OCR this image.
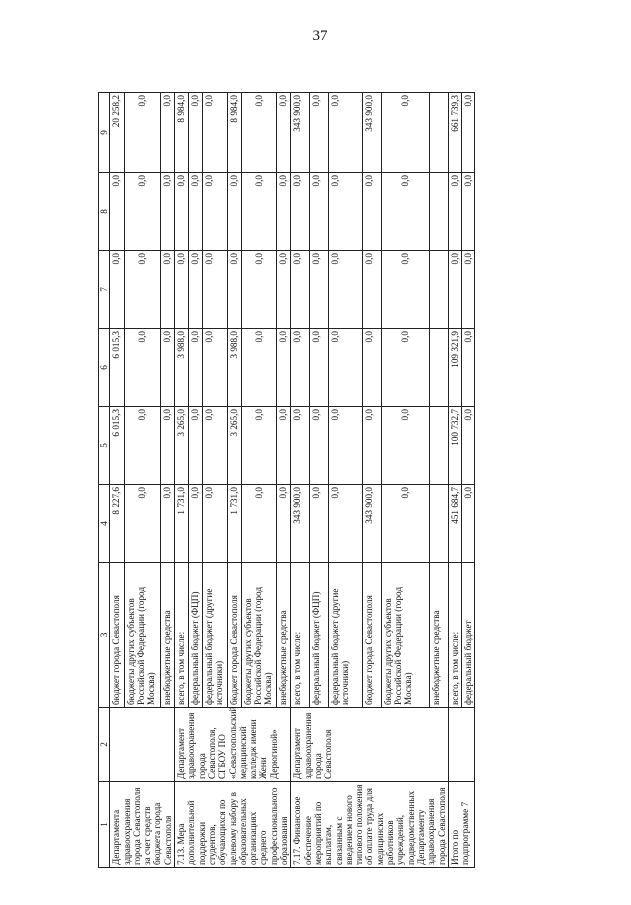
37
1	2	3	4	5	6	7	8	9
Департамента здравоохранения города Севастополя за счет средств бюджета города Севастополя		бюджет города Севастополя	8 227,6	6 015,3	6 015,3	0,0	0,0	20 258,2
		бюджеты других субъектов Российской Федерации (город Москва)	0,0	0,0	0,0	0,0	0,0	0,0
		внебюджетные средства	0,0	0,0	0,0	0,0	0,0	0,0
7.13. Мера дополнительной поддержки студентов, обучающихся по целевому набору в образовательных организациях среднего профессионального образования	Департамент здравоохранения города Севастополя, СГБОУ ПО «Севастопольский медицинский колледж имени Жени Дерюгиной»	всего, в том числе:	1 731,0	3 265,0	3 988,0	0,0	0,0	8 984,0
		федеральный бюджет (ФЦП)	0,0	0,0	0,0	0,0	0,0	0,0
		федеральный бюджет (другие источники)	0,0	0,0	0,0	0,0	0,0	0,0
		бюджет города Севастополя	1 731,0	3 265,0	3 988,0	0,0	0,0	8 984,0
		бюджеты других субъектов Российской Федерации (город Москва)	0,0	0,0	0,0	0,0	0,0	0,0
		внебюджетные средства	0,0	0,0	0,0	0,0	0,0	0,0
7.17. Финансовое обеспечение мероприятий по выплатам, связанным с введением нового типового положения об оплате труда для медицинских работников учреждений, подведомственных Департаменту здравоохранения города Севастополя	Департамент здравоохранения города Севастополя	всего, в том числе:	343 900,0	0,0	0,0	0,0	0,0	343 900,0
		федеральный бюджет (ФЦП)	0,0	0,0	0,0	0,0	0,0	0,0
		федеральный бюджет (другие источники)	0,0	0,0	0,0	0,0	0,0	0,0
		бюджет города Севастополя	343 900,0	0,0	0,0	0,0	0,0	343 900,0
		бюджеты других субъектов Российской Федерации (город Москва)	0,0	0,0	0,0	0,0	0,0	0,0
		внебюджетные средства						
Итого по подпрограмме 7		всего, в том числе:	451 684,7	100 732,7	109 321,9	0,0	0,0	661 739,3
		федеральный бюджет	0,0	0,0	0,0	0,0	0,0	0,0
